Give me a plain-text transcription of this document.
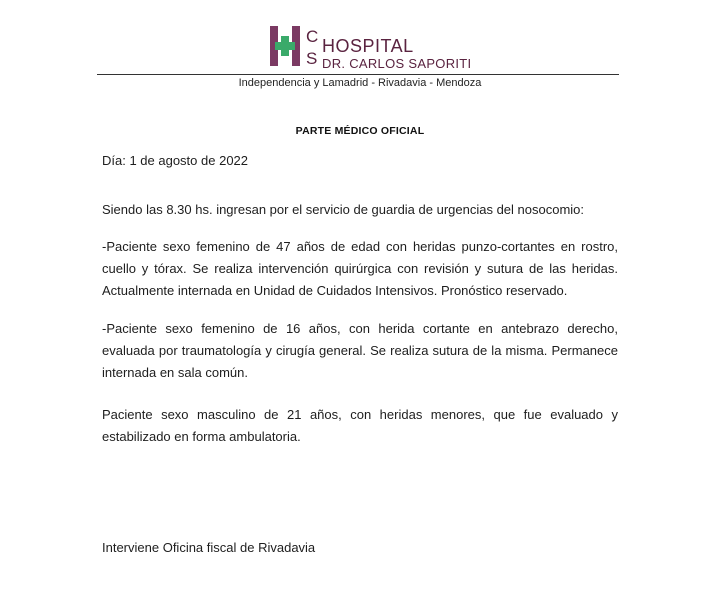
C
S
HOSPITAL
DR. CARLOS SAPORITI
Independencia y Lamadrid - Rivadavia - Mendoza
PARTE MÉDICO OFICIAL

Día: 1 de agosto de 2022

Siendo las 8.30 hs. ingresan por el servicio de guardia de urgencias del nosocomio:

-Paciente sexo femenino de 47 años de edad con heridas punzo-cortantes en rostro, cuello y tórax. Se realiza intervención quirúrgica con revisión y sutura de las heridas. Actualmente internada en Unidad de Cuidados Intensivos. Pronóstico reservado.

-Paciente sexo femenino de 16 años, con herida cortante en antebrazo derecho, evaluada por traumatología y cirugía general. Se realiza sutura de la misma. Permanece internada en sala común.

Paciente sexo masculino de 21 años, con heridas menores, que fue evaluado y estabilizado en forma ambulatoria.

Interviene Oficina fiscal de Rivadavia
